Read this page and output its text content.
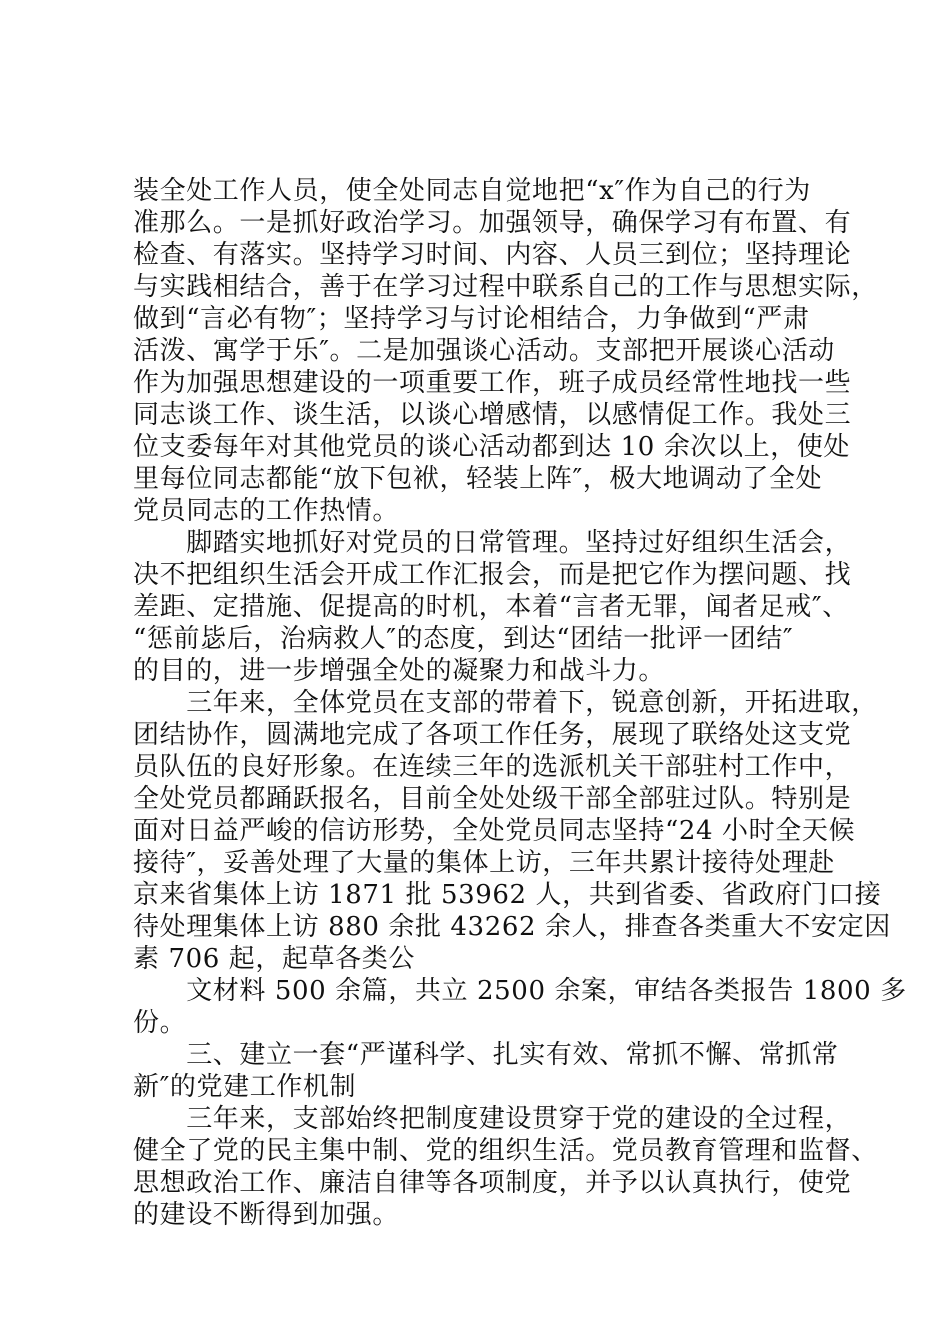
装全处工作人员，使全处同志自觉地把“x″作为自己的行为
准那么。一是抓好政治学习。加强领导，确保学习有布置、有
检查、有落实。坚持学习时间、内容、人员三到位；坚持理论
与实践相结合，善于在学习过程中联系自己的工作与思想实际，
做到“言必有物″；坚持学习与讨论相结合，力争做到“严肃
活泼、寓学于乐″。二是加强谈心活动。支部把开展谈心活动
作为加强思想建设的一项重要工作，班子成员经常性地找一些
同志谈工作、谈生活，以谈心增感情，以感情促工作。我处三
位支委每年对其他党员的谈心活动都到达 10 余次以上，使处
里每位同志都能“放下包袱，轻装上阵″，极大地调动了全处
党员同志的工作热情。
　　脚踏实地抓好对党员的日常管理。坚持过好组织生活会，
决不把组织生活会开成工作汇报会，而是把它作为摆问题、找
差距、定措施、促提高的时机，本着“言者无罪，闻者足戒″、
“惩前毖后，治病救人″的态度，到达“团结一批评一团结″
的目的，进一步增强全处的凝聚力和战斗力。
　　三年来，全体党员在支部的带着下，锐意创新，开拓进取，
团结协作，圆满地完成了各项工作任务，展现了联络处这支党
员队伍的良好形象。在连续三年的选派机关干部驻村工作中，
全处党员都踊跃报名，目前全处处级干部全部驻过队。特别是
面对日益严峻的信访形势，全处党员同志坚持“24 小时全天候
接待″，妥善处理了大量的集体上访，三年共累计接待处理赴
京来省集体上访 1871 批 53962 人，共到省委、省政府门口接
待处理集体上访 880 余批 43262 余人，排查各类重大不安定因
素 706 起，起草各类公
　　文材料 500 余篇，共立 2500 余案，审结各类报告 1800 多
份。
　　三、建立一套“严谨科学、扎实有效、常抓不懈、常抓常
新″的党建工作机制
　　三年来，支部始终把制度建设贯穿于党的建设的全过程，
健全了党的民主集中制、党的组织生活。党员教育管理和监督、
思想政治工作、廉洁自律等各项制度，并予以认真执行，使党
的建设不断得到加强。
